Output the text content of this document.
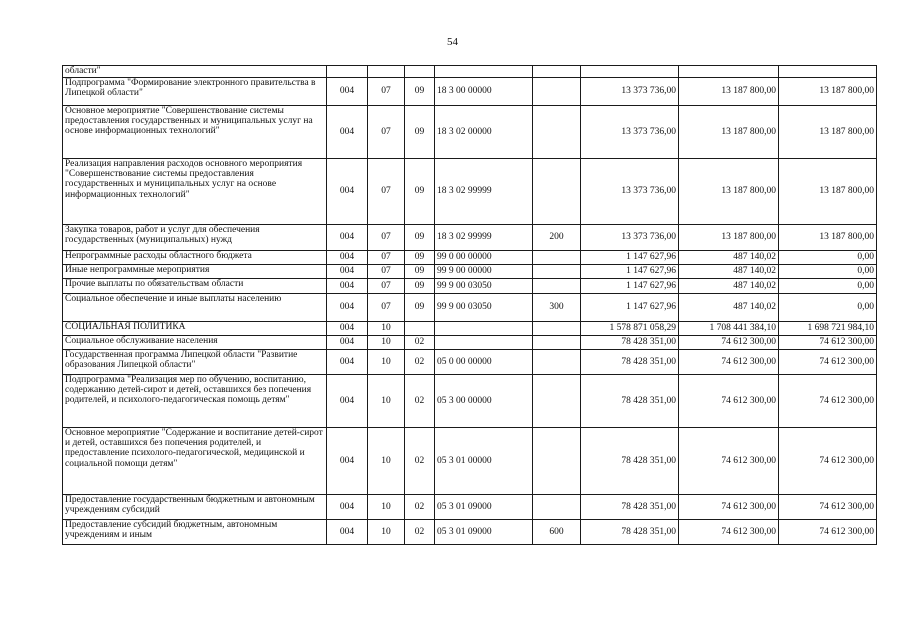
54
области"								
Подпрограмма "Формирование электронного правительства в Липецкой области"	004	07	09	18 3 00 00000		13 373 736,00	13 187 800,00	13 187 800,00
Основное мероприятие "Совершенствование системы предоставления государственных и муниципальных услуг на основе информационных технологий"	004	07	09	18 3 02 00000		13 373 736,00	13 187 800,00	13 187 800,00
Реализация направления расходов основного мероприятия "Совершенствование системы предоставления государственных и муниципальных услуг на основе информационных технологий"	004	07	09	18 3 02 99999		13 373 736,00	13 187 800,00	13 187 800,00
Закупка товаров, работ и услуг для обеспечения государственных (муниципальных) нужд	004	07	09	18 3 02 99999	200	13 373 736,00	13 187 800,00	13 187 800,00
Непрограммные расходы областного бюджета	004	07	09	99 0 00 00000		1 147 627,96	487 140,02	0,00
Иные непрограммные мероприятия	004	07	09	99 9 00 00000		1 147 627,96	487 140,02	0,00
Прочие выплаты по обязательствам области	004	07	09	99 9 00 03050		1 147 627,96	487 140,02	0,00
Социальное обеспечение и иные выплаты населению	004	07	09	99 9 00 03050	300	1 147 627,96	487 140,02	0,00
СОЦИАЛЬНАЯ ПОЛИТИКА	004	10				1 578 871 058,29	1 708 441 384,10	1 698 721 984,10
Социальное обслуживание населения	004	10	02			78 428 351,00	74 612 300,00	74 612 300,00
Государственная программа Липецкой области "Развитие образования Липецкой области"	004	10	02	05 0 00 00000		78 428 351,00	74 612 300,00	74 612 300,00
Подпрограмма "Реализация мер по обучению, воспитанию, содержанию детей-сирот и детей, оставшихся без попечения родителей, и психолого-педагогическая помощь детям"	004	10	02	05 3 00 00000		78 428 351,00	74 612 300,00	74 612 300,00
Основное мероприятие "Содержание и воспитание детей-сирот и детей, оставшихся без попечения родителей, и предоставление психолого-педагогической, медицинской и социальной помощи детям"	004	10	02	05 3 01 00000		78 428 351,00	74 612 300,00	74 612 300,00
Предоставление государственным бюджетным и автономным учреждениям субсидий	004	10	02	05 3 01 09000		78 428 351,00	74 612 300,00	74 612 300,00
Предоставление субсидий бюджетным, автономным учреждениям и иным	004	10	02	05 3 01 09000	600	78 428 351,00	74 612 300,00	74 612 300,00
